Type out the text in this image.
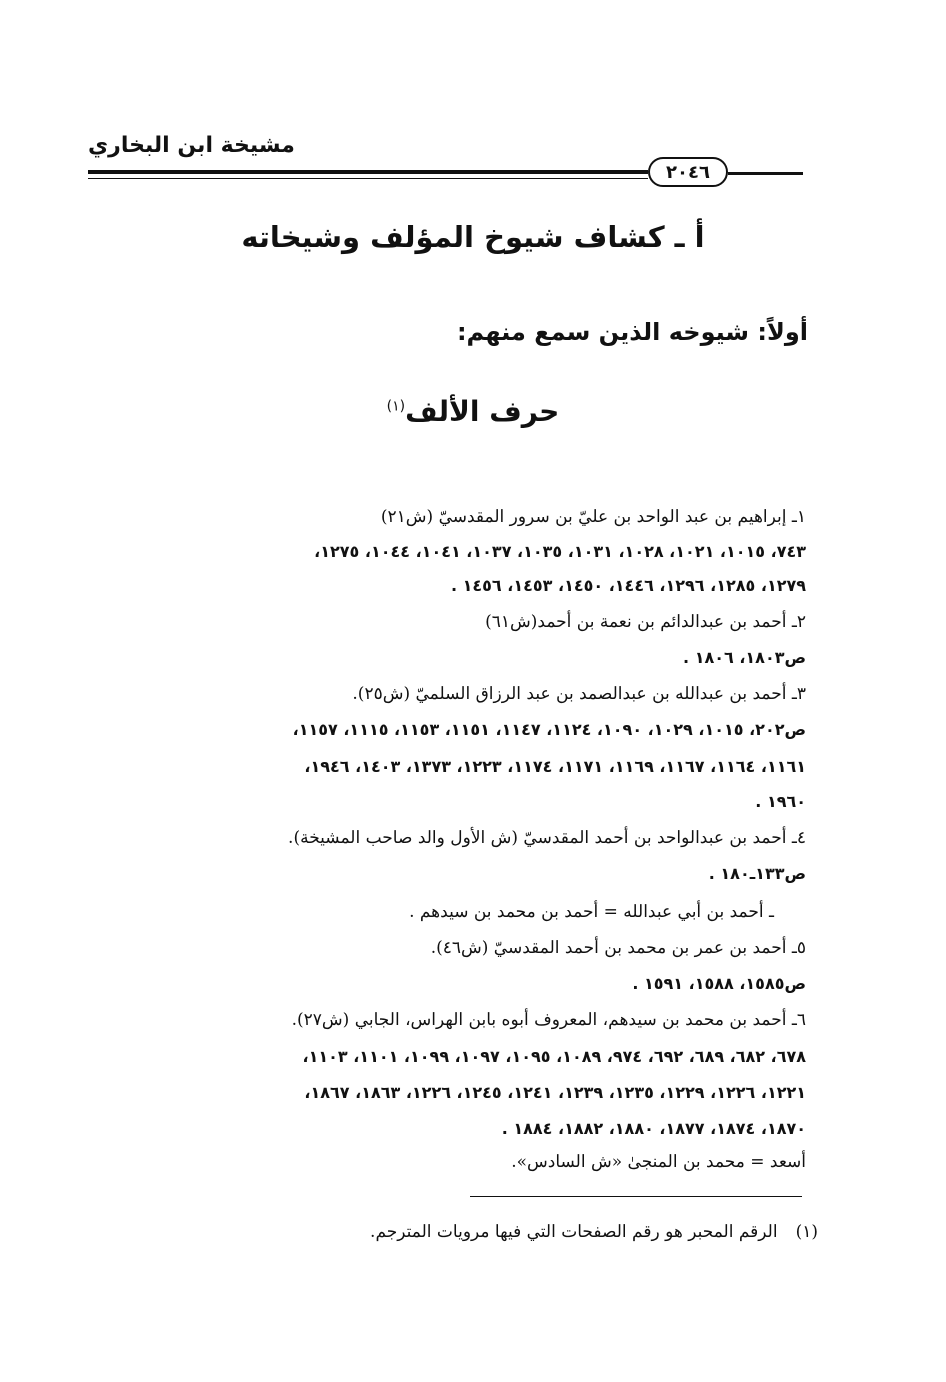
مشيخة ابن البخاري
٢٠٤٦
أ ـ كشاف شيوخ المؤلف وشيخاته
أولاً: شيوخه الذين سمع منهم:
حرف الألف$^{(١)}$
١ـ إبراهيم بن عبد الواحد بن عليّ بن سرور المقدسيّ (ش٢١)
٧٤٣، ١٠١٥، ١٠٢١، ١٠٢٨، ١٠٣١، ١٠٣٥، ١٠٣٧، ١٠٤١، ١٠٤٤، ١٢٧٥،
١٢٧٩، ١٢٨٥، ١٢٩٦، ١٤٤٦، ١٤٥٠، ١٤٥٣، ١٤٥٦ .
٢ـ أحمد بن عبدالدائم بن نعمة بن أحمد(ش٦١)
ص١٨٠٣، ١٨٠٦ .
٣ـ أحمد بن عبدالله بن عبدالصمد بن عبد الرزاق السلميّ (ش٢٥).
ص٢٠٢، ١٠١٥، ١٠٢٩، ١٠٩٠، ١١٢٤، ١١٤٧، ١١٥١، ١١٥٣، ١١١٥، ١١٥٧،
١١٦١، ١١٦٤، ١١٦٧، ١١٦٩، ١١٧١، ١١٧٤، ١٢٢٣، ١٣٧٣، ١٤٠٣، ١٩٤٦،
١٩٦٠ .
٤ـ أحمد بن عبدالواحد بن أحمد المقدسيّ (ش الأول والد صاحب المشيخة).
ص١٣٣ـ١٨٠ .
ـ أحمد بن أبي عبدالله = أحمد بن محمد بن سيدهم .
٥ـ أحمد بن عمر بن محمد بن أحمد المقدسيّ (ش٤٦).
ص١٥٨٥، ١٥٨٨، ١٥٩١ .
٦ـ أحمد بن محمد بن سيدهم، المعروف أبوه بابن الهراس، الجابي (ش٢٧).
٦٧٨، ٦٨٢، ٦٨٩، ٦٩٢، ٩٧٤، ١٠٨٩، ١٠٩٥، ١٠٩٧، ١٠٩٩، ١١٠١، ١١٠٣،
١٢٢١، ١٢٢٦، ١٢٢٩، ١٢٣٥، ١٢٣٩، ١٢٤١، ١٢٤٥، ١٢٢٦، ١٨٦٣، ١٨٦٧،
١٨٧٠، ١٨٧٤، ١٨٧٧، ١٨٨٠، ١٨٨٢، ١٨٨٤ .
أسعد = محمد بن المنجىٰ «ش السادس».
(١)الرقم المحبر هو رقم الصفحات التي فيها مرويات المترجم.
